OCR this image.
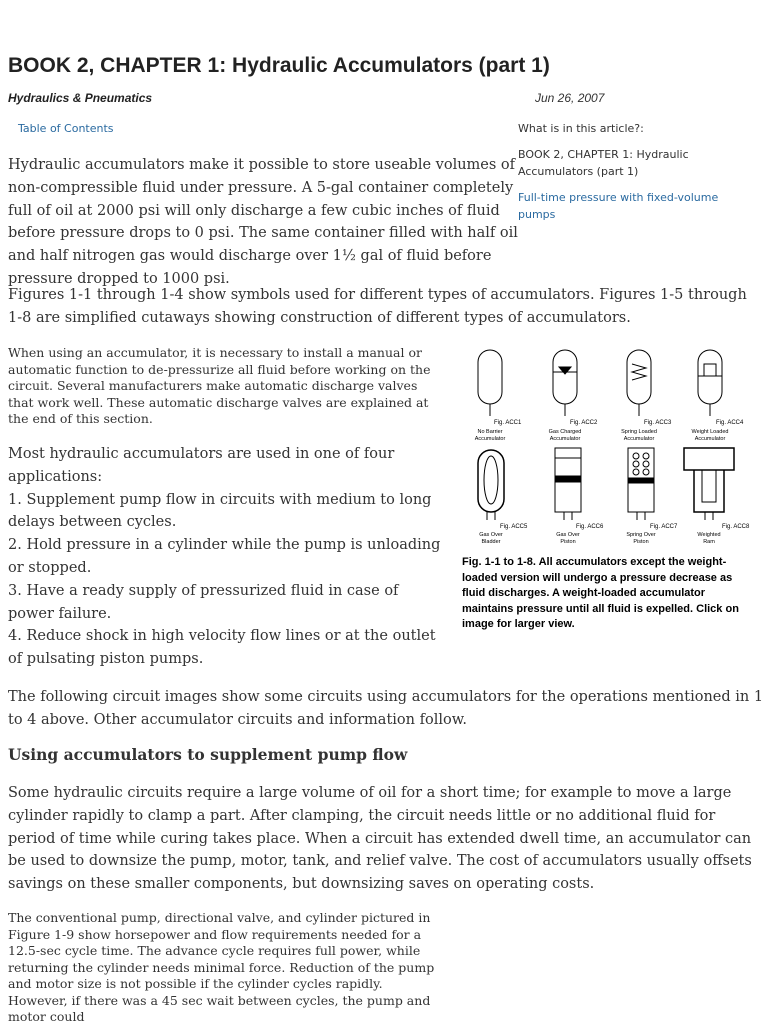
BOOK 2, CHAPTER 1: Hydraulic Accumulators (part 1)
Hydraulics & Pneumatics	Jun 26, 2007
Table of Contents	What is in this article?:
BOOK 2, CHAPTER 1: Hydraulic Accumulators (part 1)
Full-time pressure with fixed-volume pumps
Hydraulic accumulators make it possible to store useable volumes of non-compressible fluid under pressure. A 5-gal container completely full of oil at 2000 psi will only discharge a few cubic inches of fluid before pressure drops to 0 psi. The same container filled with half oil and half nitrogen gas would discharge over 1½ gal of fluid before pressure dropped to 1000 psi.
Figures 1-1 through 1-4 show symbols used for different types of accumulators. Figures 1-5 through 1-8 are simplified cutaways showing construction of different types of accumulators.
When using an accumulator, it is necessary to install a manual or automatic function to de-pressurize all fluid before working on the circuit. Several manufacturers make automatic discharge valves that work well. These automatic discharge valves are explained at the end of this section.
Most hydraulic accumulators are used in one of four applications:
1. Supplement pump flow in circuits with medium to long delays between cycles.
2. Hold pressure in a cylinder while the pump is unloading or stopped.
3. Have a ready supply of pressurized fluid in case of power failure.
4. Reduce shock in high velocity flow lines or at the outlet of pulsating piston pumps.
The following circuit images show some circuits using accumulators for the operations mentioned in 1 to 4 above. Other accumulator circuits and information follow.
Using accumulators to supplement pump flow
Some hydraulic circuits require a large volume of oil for a short time; for example to move a large cylinder rapidly to clamp a part. After clamping, the circuit needs little or no additional fluid for period of time while curing takes place. When a circuit has extended dwell time, an accumulator can be used to downsize the pump, motor, tank, and relief valve. The cost of accumulators usually offsets savings on these smaller components, but downsizing saves on operating costs.
The conventional pump, directional valve, and cylinder pictured in Figure 1-9 show horsepower and flow requirements needed for a 12.5-sec cycle time. The advance cycle requires full power, while returning the cylinder needs minimal force. Reduction of the pump and motor size is not possible if the cylinder cycles rapidly. However, if there was a 45 sec wait between cycles, the pump and motor could
Fig. ACC1
No Barrier
Accumulator
Fig. ACC2
Gas Charged
Accumulator
Fig. ACC3
Spring Loaded
Accumulator
Fig. ACC4
Weight Loaded
Accumulator
Fig. ACC5
Gas Over
Bladder
Fig. ACC6
Gas Over
Piston
Fig. ACC7
Spring Over
Piston
Fig. ACC8
Weighted
Ram
Fig. 1-1 to 1-8. All accumulators except the weight-loaded version will undergo a pressure decrease as fluid discharges. A weight-loaded accumulator maintains pressure until all fluid is expelled. Click on image for larger view.
